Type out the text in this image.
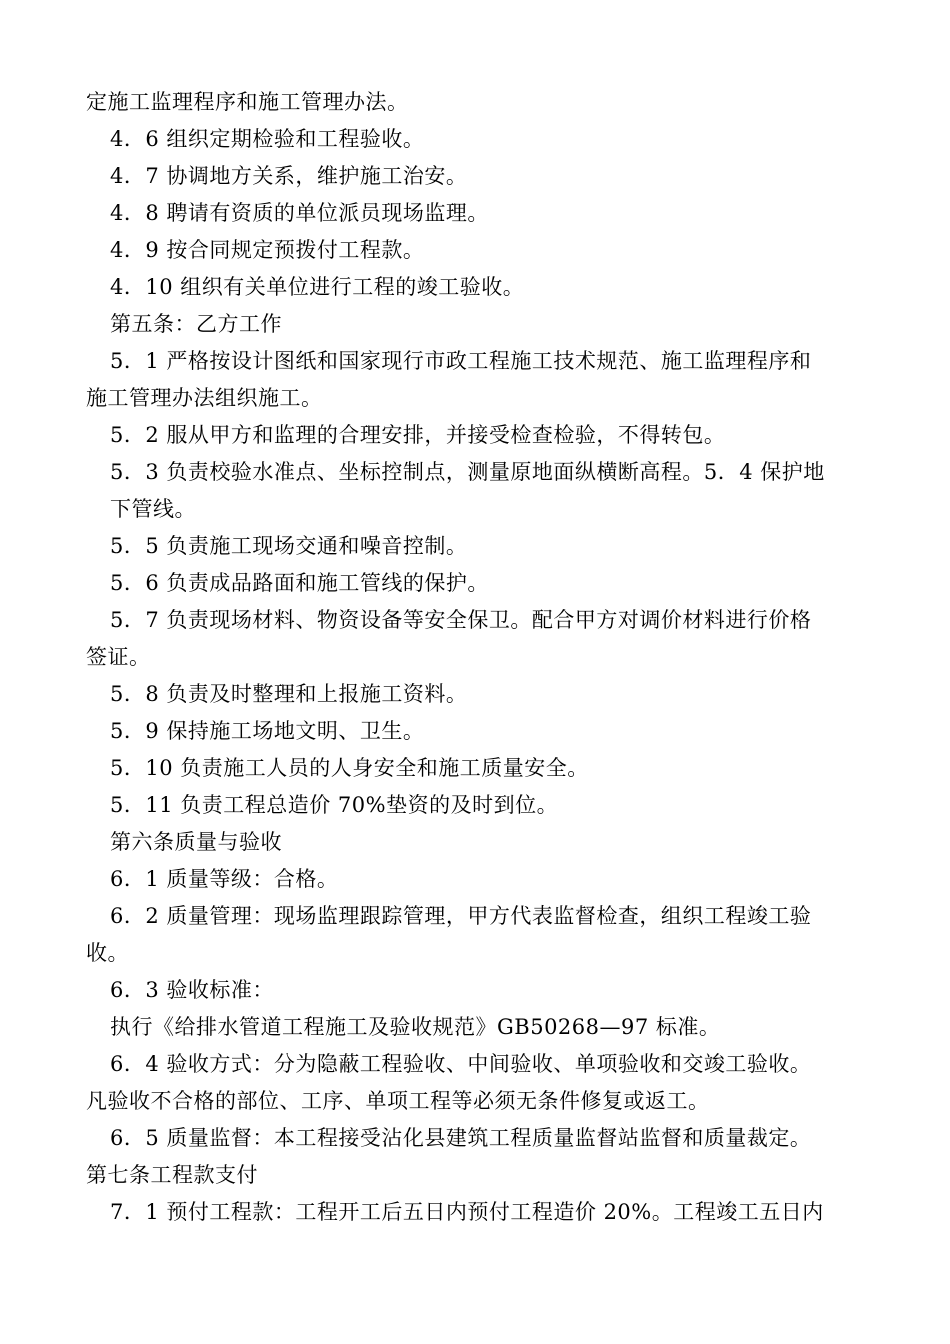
定施工监理程序和施工管理办法。
4．6 组织定期检验和工程验收。
4．7 协调地方关系，维护施工治安。
4．8 聘请有资质的单位派员现场监理。
4．9 按合同规定预拨付工程款。
4．10 组织有关单位进行工程的竣工验收。
第五条：乙方工作
5．1 严格按设计图纸和国家现行市政工程施工技术规范、施工监理程序和
施工管理办法组织施工。
5．2 服从甲方和监理的合理安排，并接受检查检验，不得转包。
5．3 负责校验水准点、坐标控制点，测量原地面纵横断高程。5．4 保护地
下管线。
5．5 负责施工现场交通和噪音控制。
5．6 负责成品路面和施工管线的保护。
5．7 负责现场材料、物资设备等安全保卫。配合甲方对调价材料进行价格
签证。
5．8 负责及时整理和上报施工资料。
5．9 保持施工场地文明、卫生。
5．10 负责施工人员的人身安全和施工质量安全。
5．11 负责工程总造价 70%垫资的及时到位。
第六条质量与验收
6．1 质量等级：合格。
6．2 质量管理：现场监理跟踪管理，甲方代表监督检查，组织工程竣工验
收。
6．3 验收标准：
执行《给排水管道工程施工及验收规范》GB50268—97 标准。
6．4 验收方式：分为隐蔽工程验收、中间验收、单项验收和交竣工验收。
凡验收不合格的部位、工序、单项工程等必须无条件修复或返工。
6．5 质量监督：本工程接受沾化县建筑工程质量监督站监督和质量裁定。
第七条工程款支付
7．1 预付工程款：工程开工后五日内预付工程造价 20%。工程竣工五日内
